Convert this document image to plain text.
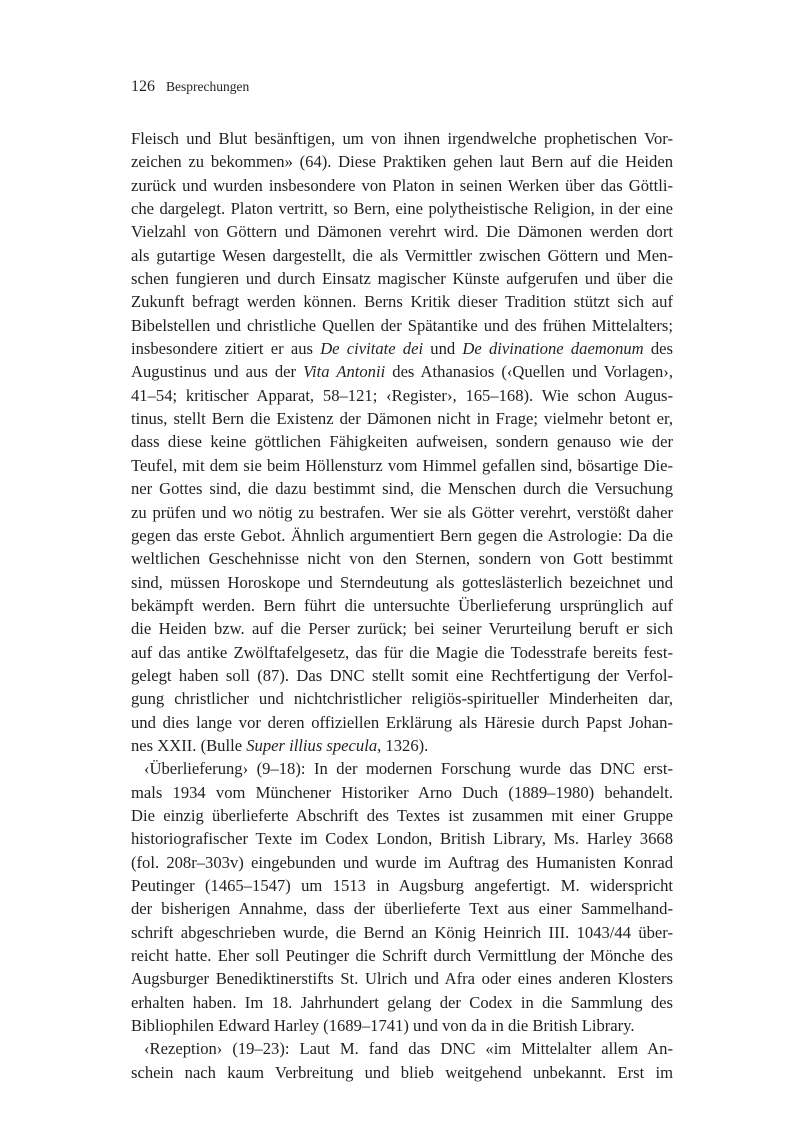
126 Besprechungen
Fleisch und Blut besänftigen, um von ihnen irgendwelche prophetischen Vor-
zeichen zu bekommen» (64). Diese Praktiken gehen laut Bern auf die Heiden
zurück und wurden insbesondere von Platon in seinen Werken über das Göttli-
che dargelegt. Platon vertritt, so Bern, eine polytheistische Religion, in der eine
Vielzahl von Göttern und Dämonen verehrt wird. Die Dämonen werden dort
als gutartige Wesen dargestellt, die als Vermittler zwischen Göttern und Men-
schen fungieren und durch Einsatz magischer Künste aufgerufen und über die
Zukunft befragt werden können. Berns Kritik dieser Tradition stützt sich auf
Bibelstellen und christliche Quellen der Spätantike und des frühen Mittelalters;
insbesondere zitiert er aus De civitate dei und De divinatione daemonum des
Augustinus und aus der Vita Antonii des Athanasios (‹Quellen und Vorlagen›,
41–54; kritischer Apparat, 58–121; ‹Register›, 165–168). Wie schon Augus-
tinus, stellt Bern die Existenz der Dämonen nicht in Frage; vielmehr betont er,
dass diese keine göttlichen Fähigkeiten aufweisen, sondern genauso wie der
Teufel, mit dem sie beim Höllensturz vom Himmel gefallen sind, bösartige Die-
ner Gottes sind, die dazu bestimmt sind, die Menschen durch die Versuchung
zu prüfen und wo nötig zu bestrafen. Wer sie als Götter verehrt, verstößt daher
gegen das erste Gebot. Ähnlich argumentiert Bern gegen die Astrologie: Da die
weltlichen Geschehnisse nicht von den Sternen, sondern von Gott bestimmt
sind, müssen Horoskope und Sterndeutung als gotteslästerlich bezeichnet und
bekämpft werden. Bern führt die untersuchte Überlieferung ursprünglich auf
die Heiden bzw. auf die Perser zurück; bei seiner Verurteilung beruft er sich
auf das antike Zwölftafelgesetz, das für die Magie die Todesstrafe bereits fest-
gelegt haben soll (87). Das DNC stellt somit eine Rechtfertigung der Verfol-
gung christlicher und nichtchristlicher religiös-spiritueller Minderheiten dar,
und dies lange vor deren offiziellen Erklärung als Häresie durch Papst Johan-
nes XXII. (Bulle Super illius specula, 1326).
‹Überlieferung› (9–18): In der modernen Forschung wurde das DNC erst-
mals 1934 vom Münchener Historiker Arno Duch (1889–1980) behandelt.
Die einzig überlieferte Abschrift des Textes ist zusammen mit einer Gruppe
historiografischer Texte im Codex London, British Library, Ms. Harley 3668
(fol. 208r–303v) eingebunden und wurde im Auftrag des Humanisten Konrad
Peutinger (1465–1547) um 1513 in Augsburg angefertigt. M. widerspricht
der bisherigen Annahme, dass der überlieferte Text aus einer Sammelhand-
schrift abgeschrieben wurde, die Bernd an König Heinrich III. 1043/44 über-
reicht hatte. Eher soll Peutinger die Schrift durch Vermittlung der Mönche des
Augsburger Benediktinerstifts St. Ulrich und Afra oder eines anderen Klosters
erhalten haben. Im 18. Jahrhundert gelang der Codex in die Sammlung des
Bibliophilen Edward Harley (1689–1741) und von da in die British Library.
‹Rezeption› (19–23): Laut M. fand das DNC «im Mittelalter allem An-
schein nach kaum Verbreitung und blieb weitgehend unbekannt. Erst im
